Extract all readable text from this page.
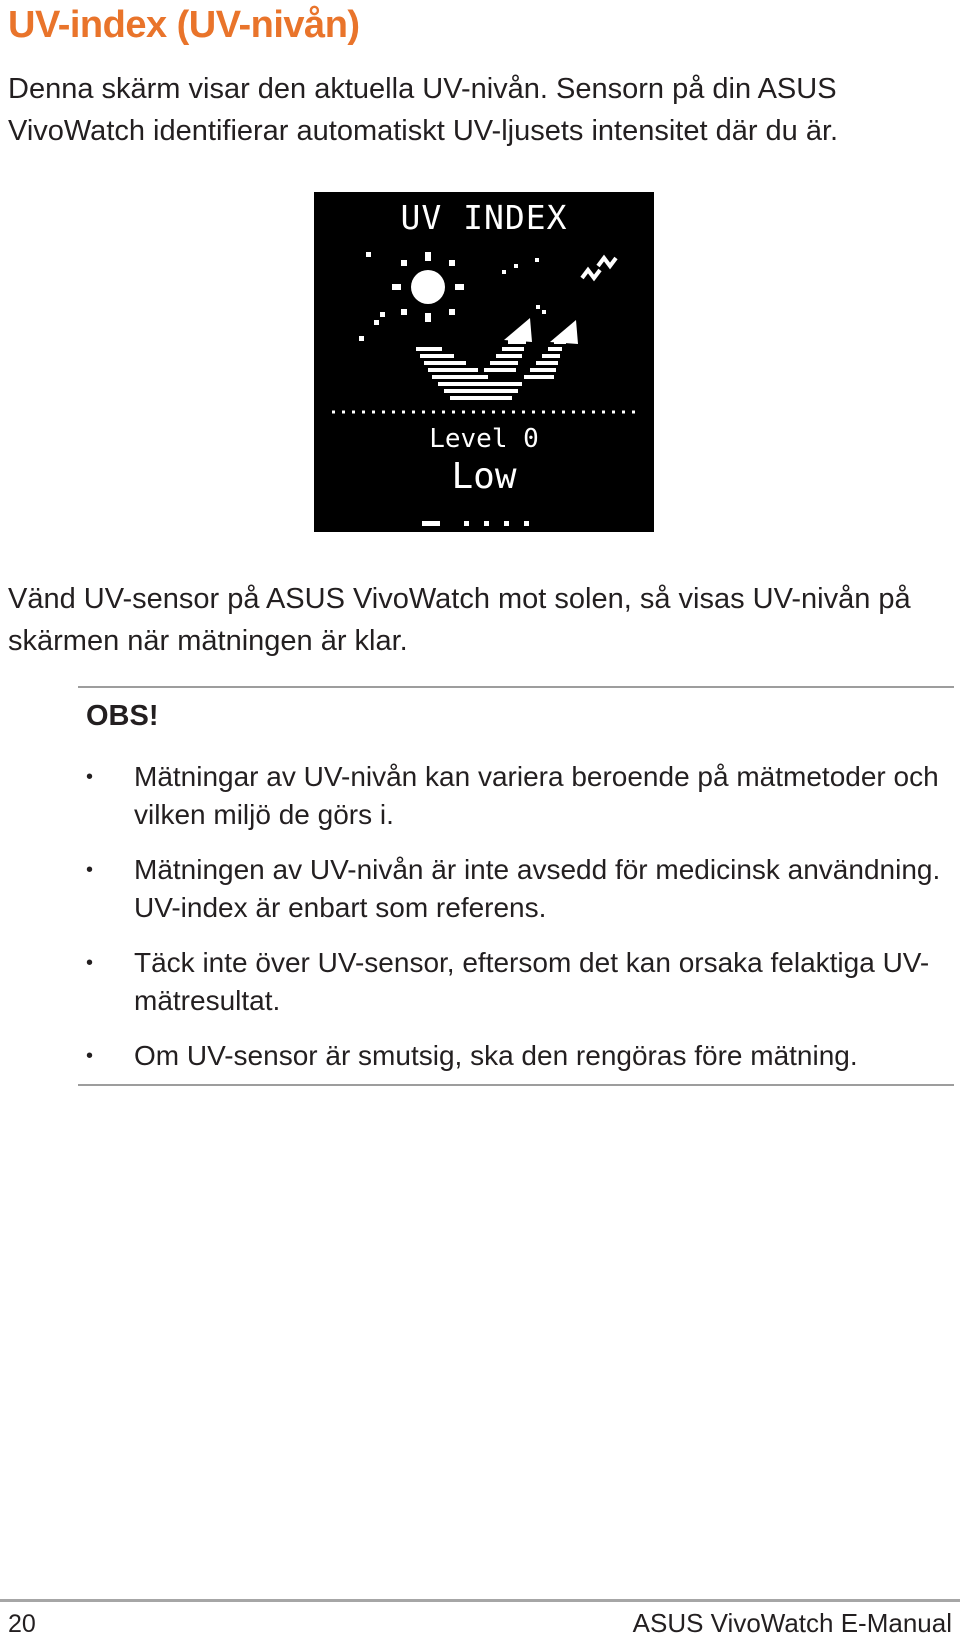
UV-index (UV-nivån)

Denna skärm visar den aktuella UV-nivån. Sensorn på din ASUS VivoWatch identifierar automatiskt UV-ljusets intensitet där du är.

UV INDEX
Level 0
Low

Vänd UV-sensor på ASUS VivoWatch mot solen, så visas UV-nivån på skärmen när mätningen är klar.

OBS!

• Mätningar av UV-nivån kan variera beroende på mätmetoder och vilken miljö de görs i.
• Mätningen av UV-nivån är inte avsedd för medicinsk användning. UV-index är enbart som referens.
• Täck inte över UV-sensor, eftersom det kan orsaka felaktiga UV-mätresultat.
• Om UV-sensor är smutsig, ska den rengöras före mätning.

20	ASUS VivoWatch E-Manual
